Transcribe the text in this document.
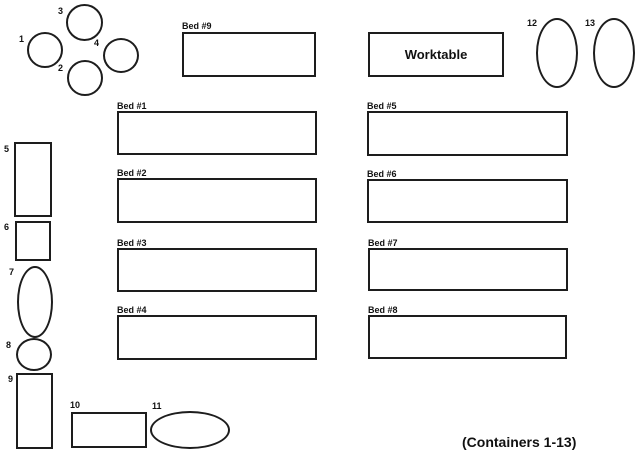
1
2
3
4
Bed #9
Worktable
12	13
5
6
7
8
9
10	11
Bed #1
Bed #2
Bed #3
Bed #4
Bed #5
Bed #6
Bed #7
Bed #8
(Containers 1-13)
